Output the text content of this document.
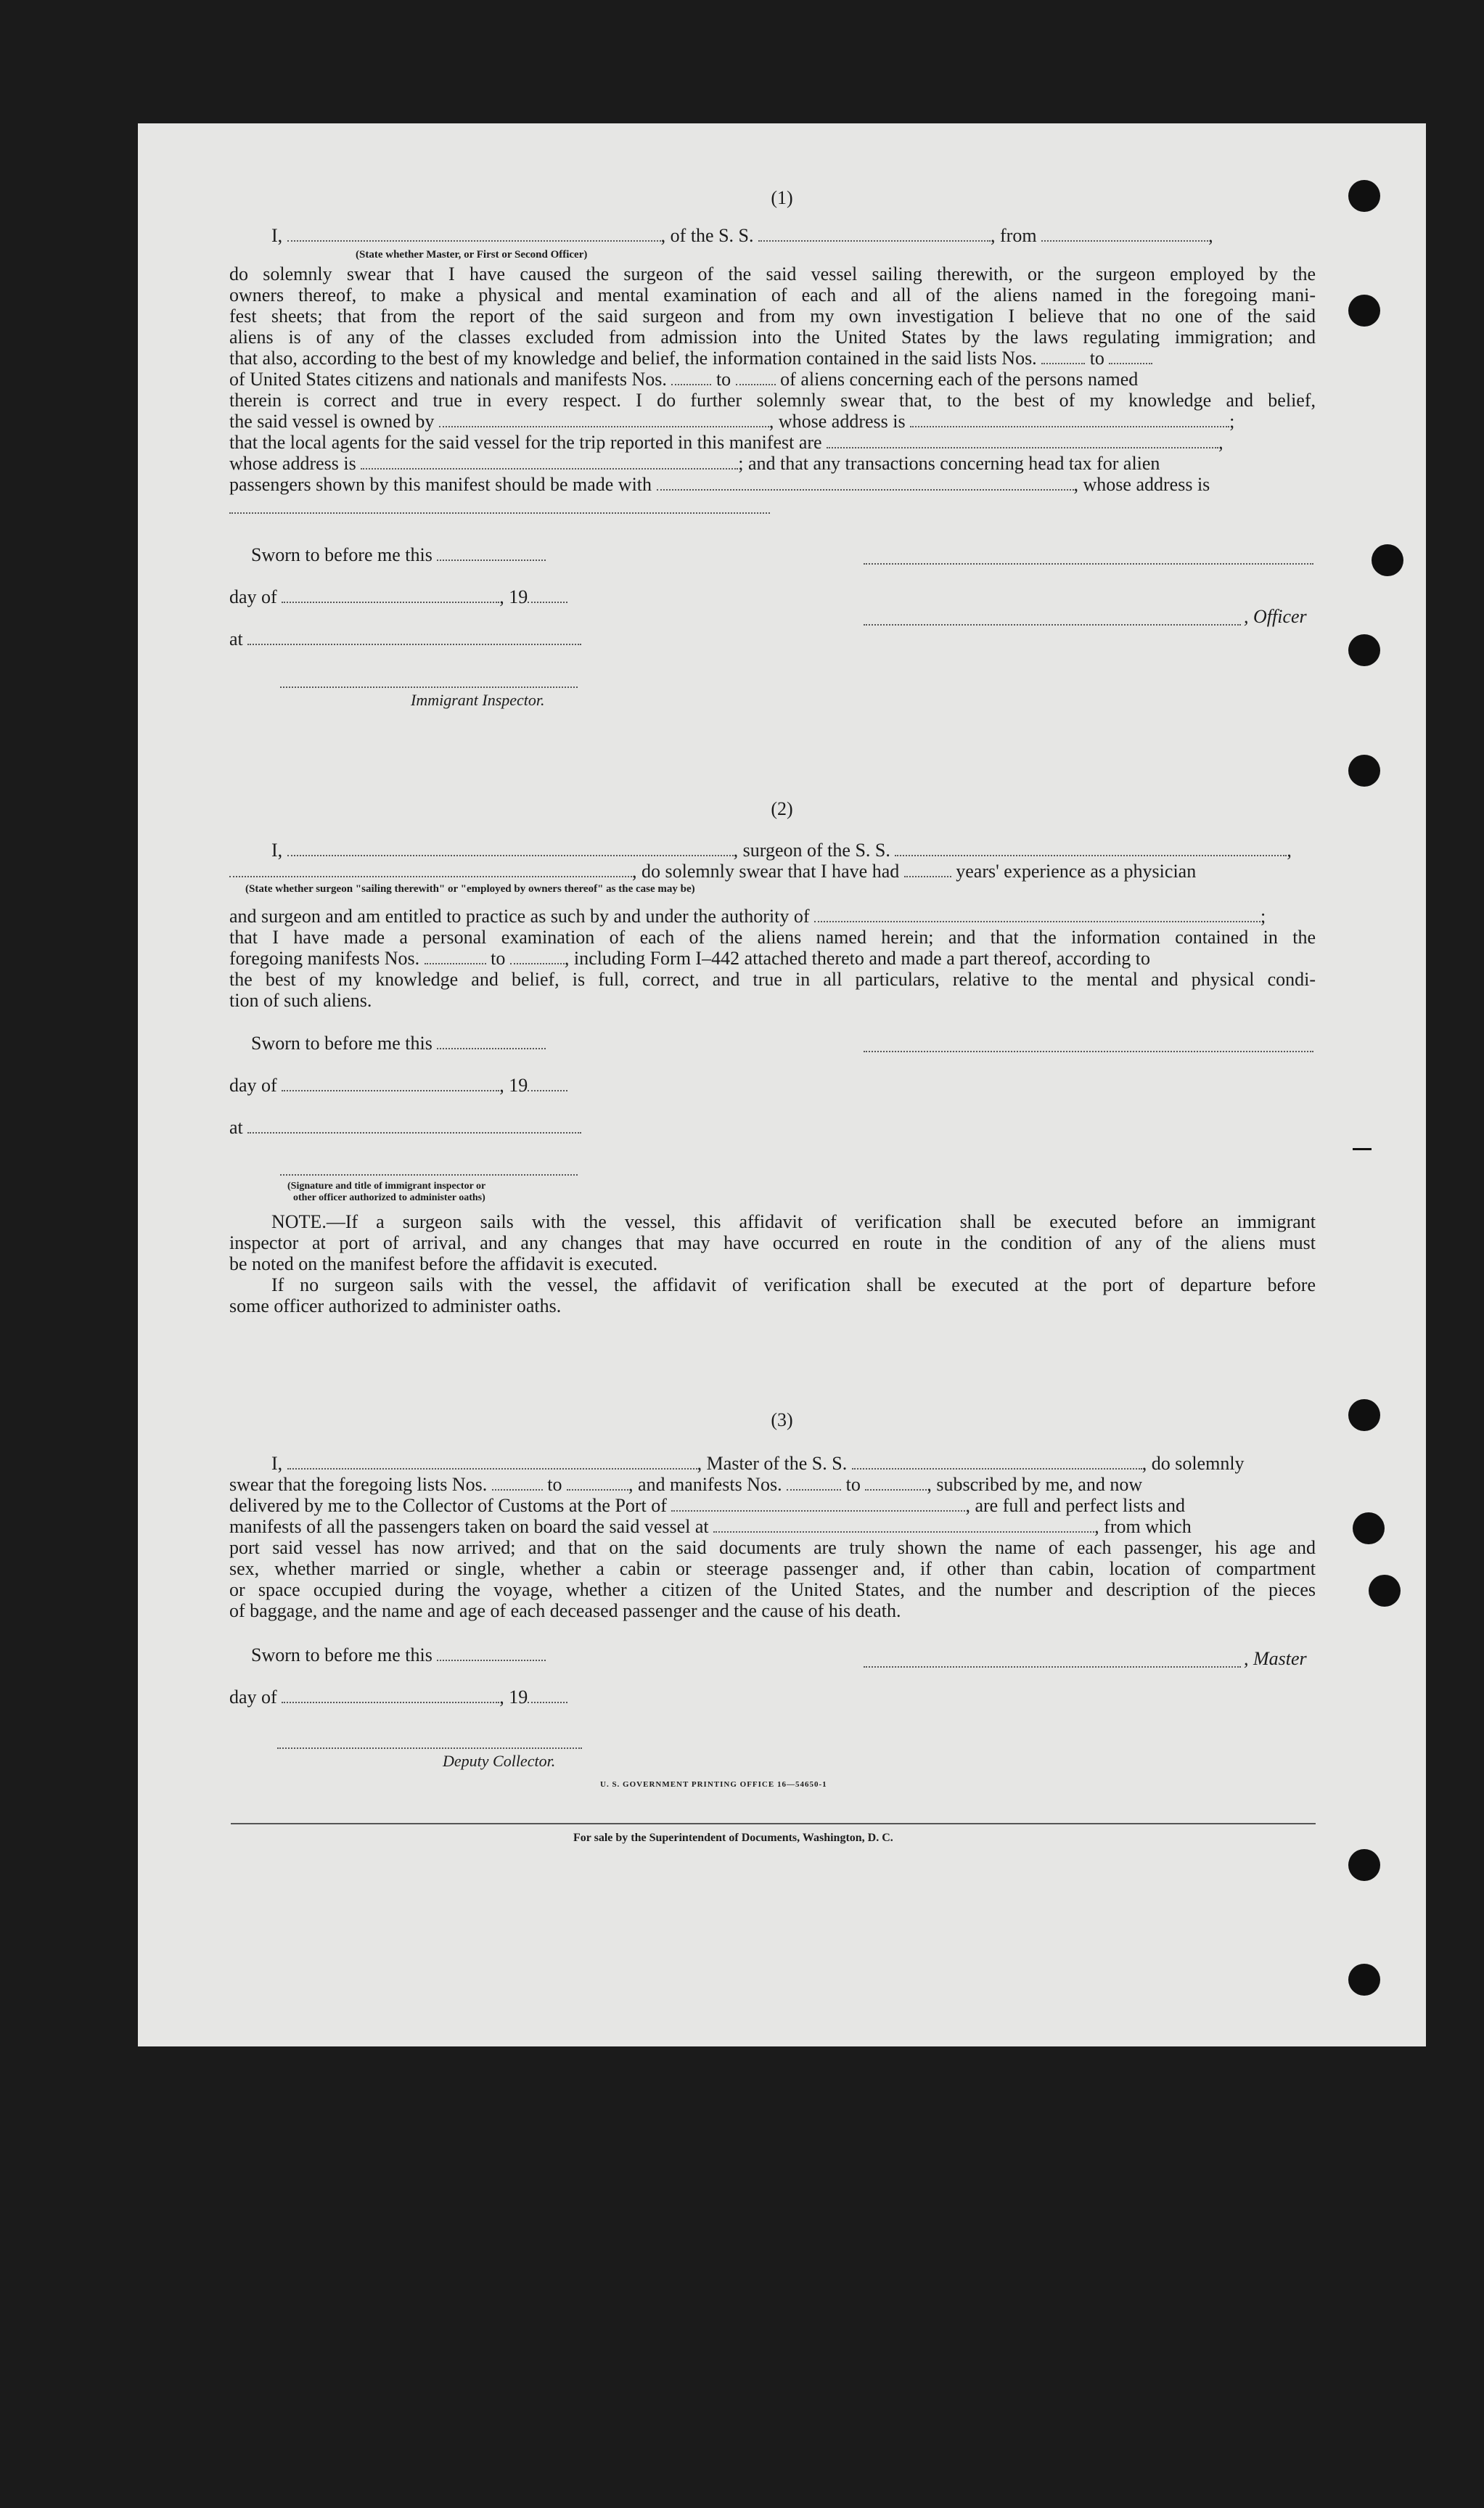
(1)
I,	, of the S. S.	, from	,
(State whether Master, or First or Second Officer)
do solemnly swear that I have caused the surgeon of the said vessel sailing therewith, or the surgeon employed by the
owners thereof, to make a physical and mental examination of each and all of the aliens named in the foregoing mani-
fest sheets; that from the report of the said surgeon and from my own investigation I believe that no one of the said
aliens is of any of the classes excluded from admission into the United States by the laws regulating immigration; and
that also, according to the best of my knowledge and belief, the information contained in the said lists Nos.	to
of United States citizens and nationals and manifests Nos.	to	of aliens concerning each of the persons named
therein is correct and true in every respect. I do further solemnly swear that, to the best of my knowledge and belief,
the said vessel is owned by	, whose address is	;
that the local agents for the said vessel for the trip reported in this manifest are	,
whose address is	; and that any transactions concerning head tax for alien
passengers shown by this manifest should be made with	, whose address is
Sworn to before me this
day of	, 19
, Officer
at
Immigrant Inspector.
(2)
I,	, surgeon of the S. S.	,
, do solemnly swear that I have had	years' experience as a physician
(State whether surgeon "sailing therewith" or "employed by owners thereof" as the case may be)
and surgeon and am entitled to practice as such by and under the authority of	;
that I have made a personal examination of each of the aliens named herein; and that the information contained in the
foregoing manifests Nos.	to	, including Form I–442 attached thereto and made a part thereof, according to
the best of my knowledge and belief, is full, correct, and true in all particulars, relative to the mental and physical condi-
tion of such aliens.
Sworn to before me this
day of	, 19
at
(Signature and title of immigrant inspector or
other officer authorized to administer oaths)
NOTE.—If a surgeon sails with the vessel, this affidavit of verification shall be executed before an immigrant
inspector at port of arrival, and any changes that may have occurred en route in the condition of any of the aliens must
be noted on the manifest before the affidavit is executed.
If no surgeon sails with the vessel, the affidavit of verification shall be executed at the port of departure before
some officer authorized to administer oaths.
(3)
I,	, Master of the S. S.	, do solemnly
swear that the foregoing lists Nos.	to	, and manifests Nos.	to	, subscribed by me, and now
delivered by me to the Collector of Customs at the Port of	, are full and perfect lists and
manifests of all the passengers taken on board the said vessel at	, from which
port said vessel has now arrived; and that on the said documents are truly shown the name of each passenger, his age and
sex, whether married or single, whether a cabin or steerage passenger and, if other than cabin, location of compartment
or space occupied during the voyage, whether a citizen of the United States, and the number and description of the pieces
of baggage, and the name and age of each deceased passenger and the cause of his death.
Sworn to before me this	, Master
day of	, 19
Deputy Collector.
U. S. GOVERNMENT PRINTING OFFICE 16—54650-1
For sale by the Superintendent of Documents, Washington, D. C.
